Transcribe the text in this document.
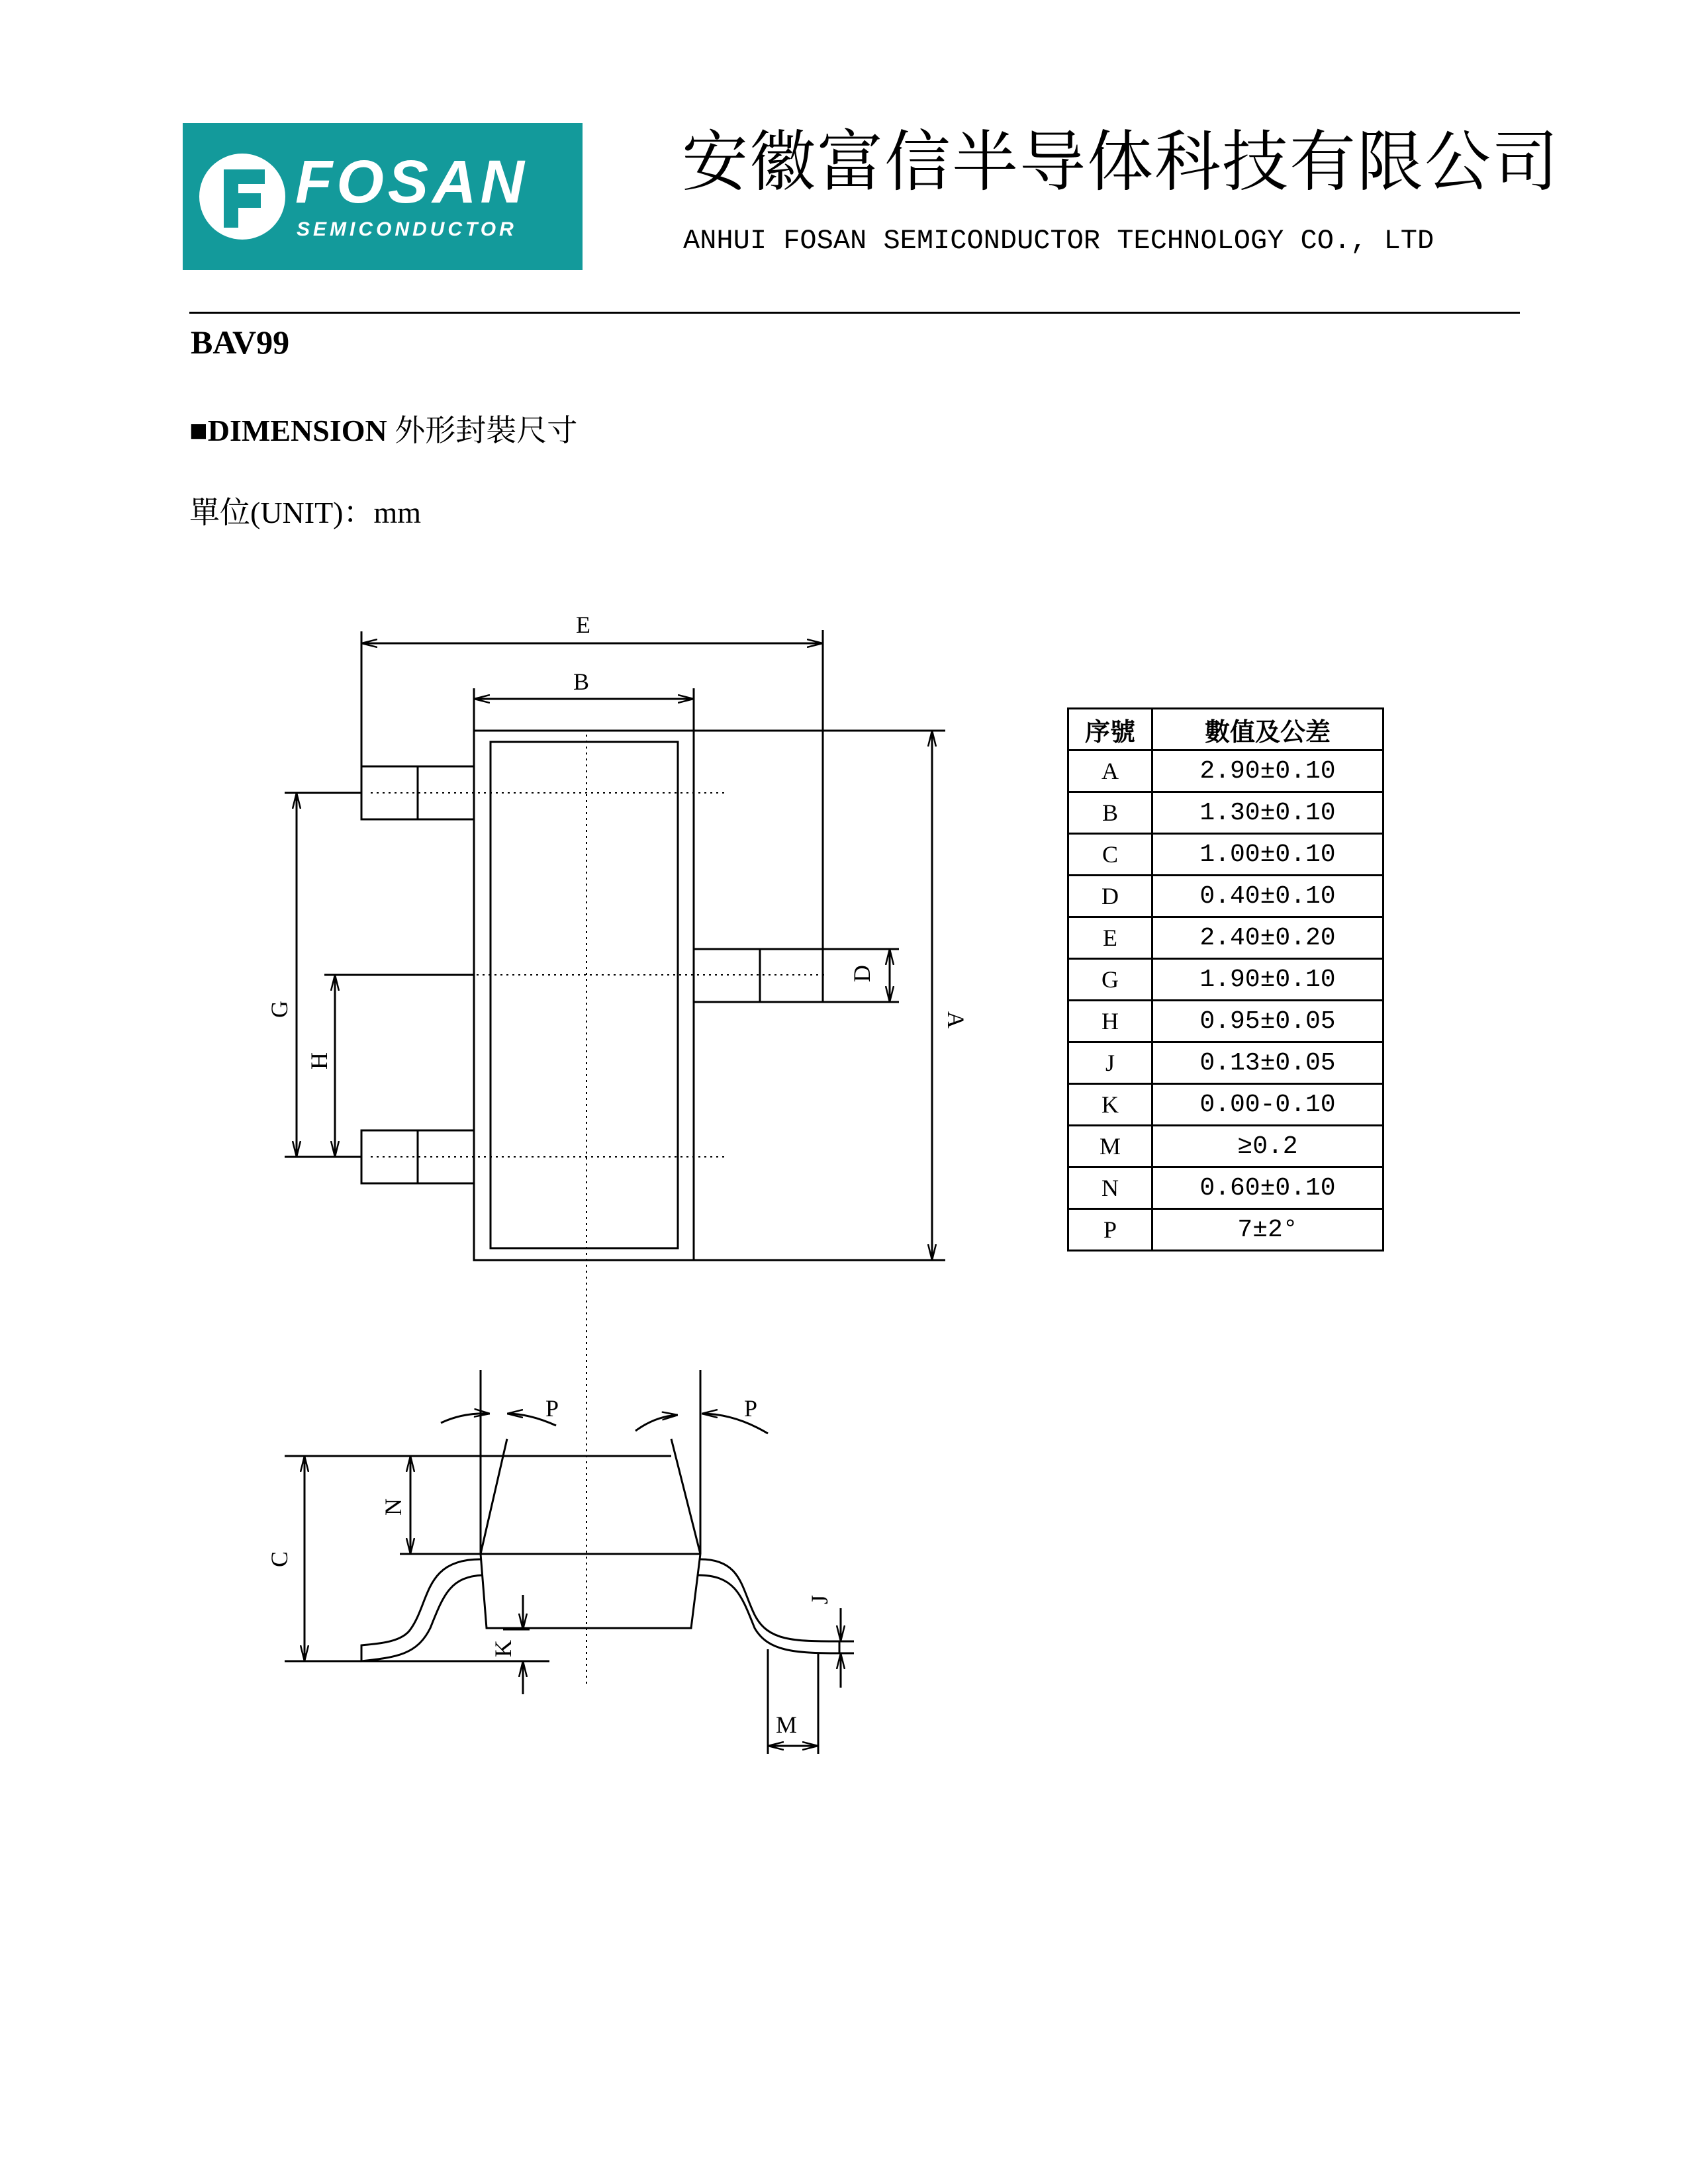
FOSAN
SEMICONDUCTOR
安徽富信半导体科技有限公司
ANHUI FOSAN SEMICONDUCTOR TECHNOLOGY CO., LTD
BAV99
■DIMENSION 外形封裝尺寸
單位(UNIT)：mm
E
B
A
G
H
D
C
N
K
J
M
P	P
序號	數值及公差
A	2.90±0.10
B	1.30±0.10
C	1.00±0.10
D	0.40±0.10
E	2.40±0.20
G	1.90±0.10
H	0.95±0.05
J	0.13±0.05
K	0.00-0.10
M	≥0.2
N	0.60±0.10
P	7±2°
